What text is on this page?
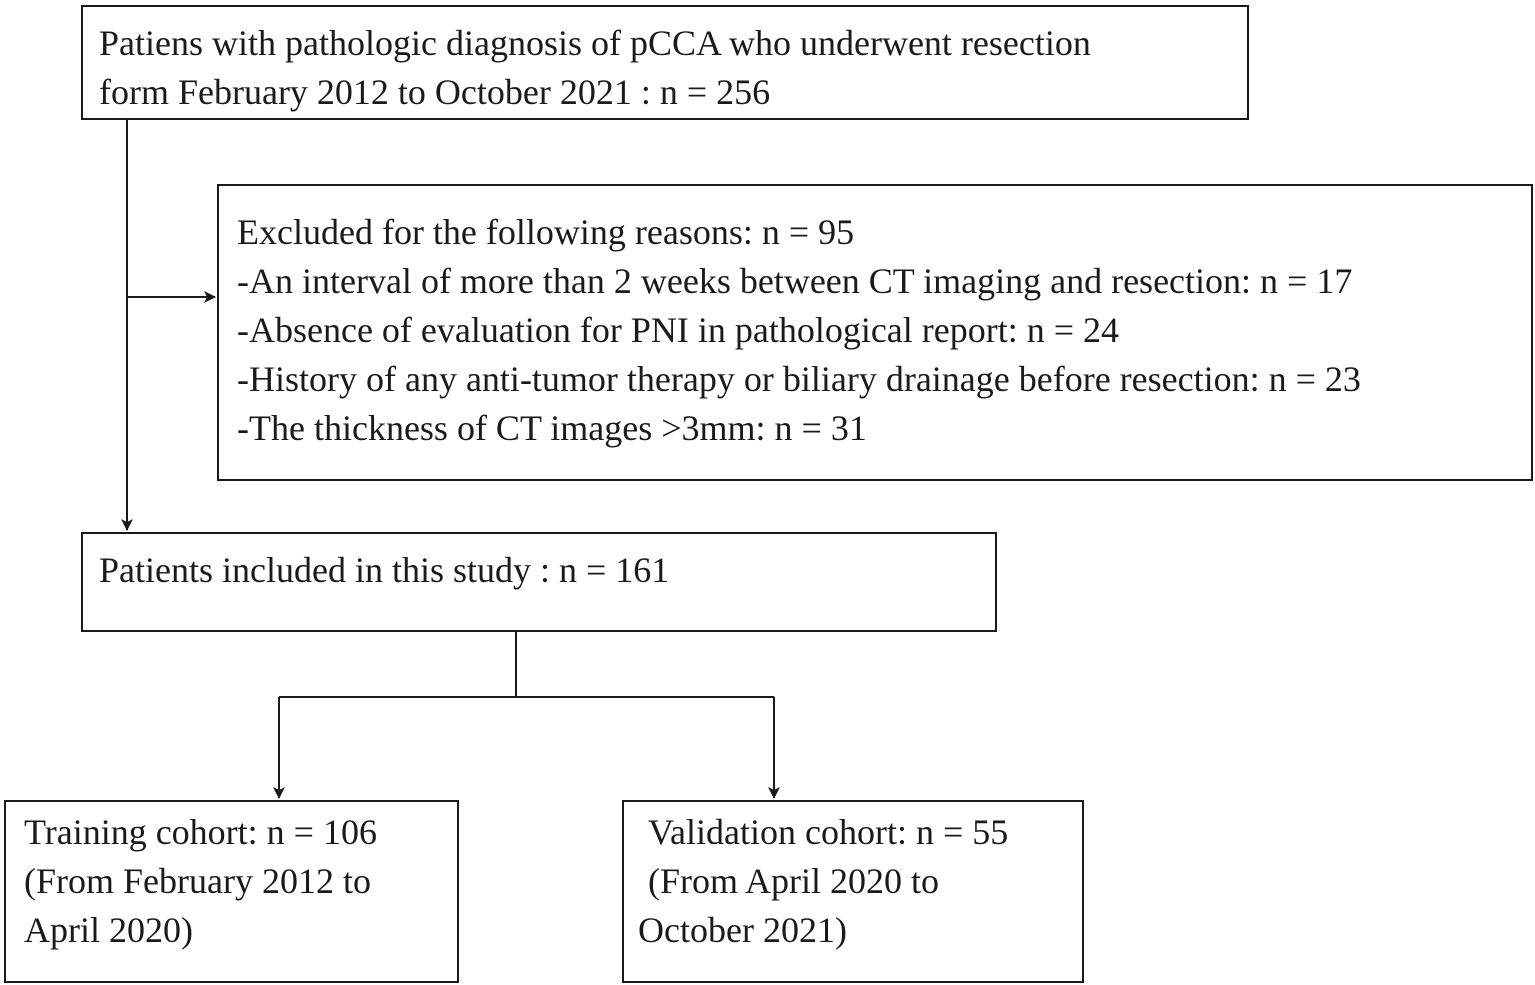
Patiens with pathologic diagnosis of pCCA who underwent resection
form February 2012 to October 2021 : n = 256
Excluded for the following reasons: n = 95
-An interval of more than 2 weeks between CT imaging and resection: n = 17
-Absence of evaluation for PNI in pathological report: n = 24
-History of any anti-tumor therapy or biliary drainage before resection: n = 23
-The thickness of CT images >3mm: n = 31
Patients included in this study : n = 161
Training cohort: n = 106
(From February 2012 to
April 2020)
Validation cohort: n = 55
(From April 2020 to
October 2021)
